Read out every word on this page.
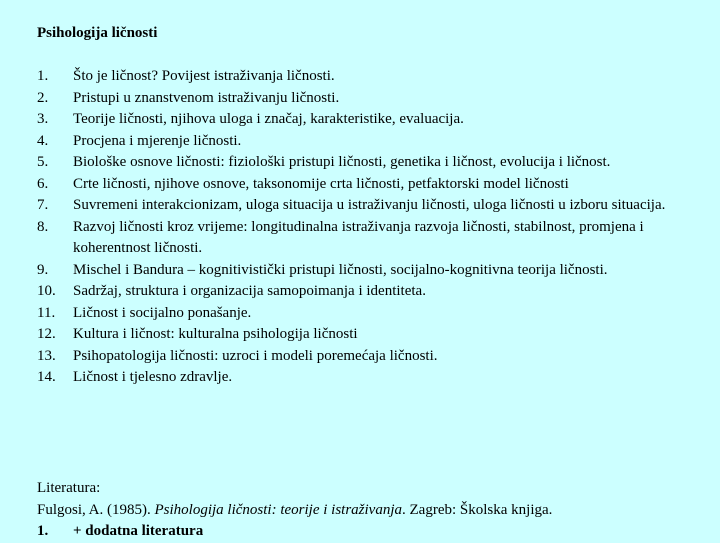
Psihologija ličnosti
1.	Što je ličnost? Povijest istraživanja ličnosti.
2.	Pristupi u znanstvenom istraživanju ličnosti.
3.	Teorije ličnosti, njihova uloga i značaj, karakteristike, evaluacija.
4.	Procjena i mjerenje ličnosti.
5.	Biološke osnove ličnosti: fiziološki pristupi ličnosti, genetika i ličnost, evolucija i ličnost.
6.	Crte ličnosti, njihove osnove, taksonomije crta ličnosti, petfaktorski model ličnosti
7.	Suvremeni interakcionizam, uloga situacija u istraživanju ličnosti, uloga ličnosti u izboru situacija.
8.	Razvoj ličnosti kroz vrijeme: longitudinalna istraživanja razvoja ličnosti, stabilnost, promjena i koherentnost ličnosti.
9.	Mischel i Bandura – kognitivistički pristupi ličnosti, socijalno-kognitivna teorija ličnosti.
10.	Sadržaj, struktura i organizacija samopoimanja i identiteta.
11.	Ličnost i socijalno ponašanje.
12.	Kultura i ličnost: kulturalna psihologija ličnosti
13.	Psihopatologija ličnosti: uzroci i modeli poremećaja ličnosti.
14.	Ličnost i tjelesno zdravlje.
Literatura:
Fulgosi, A. (1985). Psihologija ličnosti: teorije i istraživanja. Zagreb: Školska knjiga.
1.	+ dodatna literatura
